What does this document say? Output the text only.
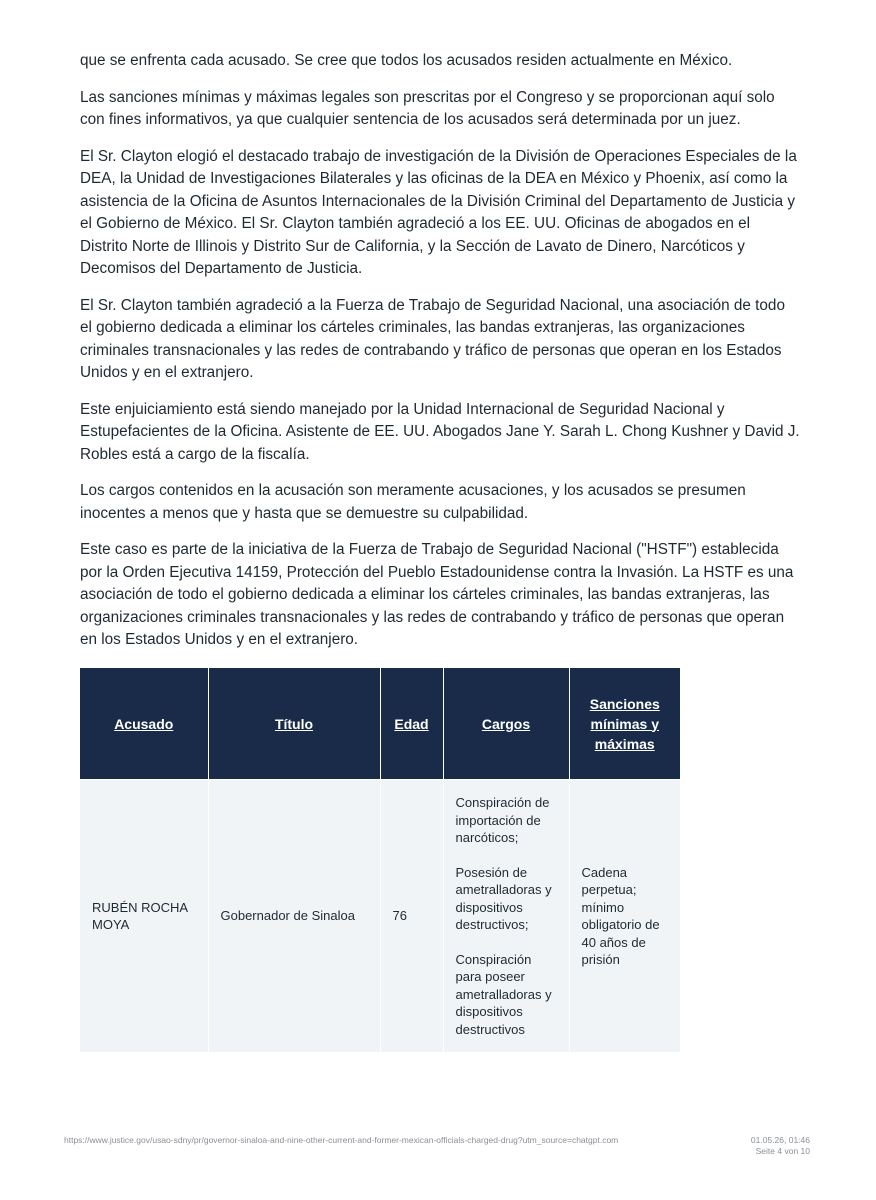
que se enfrenta cada acusado. Se cree que todos los acusados residen actualmente en México.

Las sanciones mínimas y máximas legales son prescritas por el Congreso y se proporcionan aquí solo con fines informativos, ya que cualquier sentencia de los acusados será determinada por un juez.

El Sr. Clayton elogió el destacado trabajo de investigación de la División de Operaciones Especiales de la DEA, la Unidad de Investigaciones Bilaterales y las oficinas de la DEA en México y Phoenix, así como la asistencia de la Oficina de Asuntos Internacionales de la División Criminal del Departamento de Justicia y el Gobierno de México. El Sr. Clayton también agradeció a los EE. UU. Oficinas de abogados en el Distrito Norte de Illinois y Distrito Sur de California, y la Sección de Lavato de Dinero, Narcóticos y Decomisos del Departamento de Justicia.

El Sr. Clayton también agradeció a la Fuerza de Trabajo de Seguridad Nacional, una asociación de todo el gobierno dedicada a eliminar los cárteles criminales, las bandas extranjeras, las organizaciones criminales transnacionales y las redes de contrabando y tráfico de personas que operan en los Estados Unidos y en el extranjero.

Este enjuiciamiento está siendo manejado por la Unidad Internacional de Seguridad Nacional y Estupefacientes de la Oficina. Asistente de EE. UU. Abogados Jane Y. Sarah L. Chong Kushner y David J. Robles está a cargo de la fiscalía.

Los cargos contenidos en la acusación son meramente acusaciones, y los acusados se presumen inocentes a menos que y hasta que se demuestre su culpabilidad.

Este caso es parte de la iniciativa de la Fuerza de Trabajo de Seguridad Nacional ("HSTF") establecida por la Orden Ejecutiva 14159, Protección del Pueblo Estadounidense contra la Invasión. La HSTF es una asociación de todo el gobierno dedicada a eliminar los cárteles criminales, las bandas extranjeras, las organizaciones criminales transnacionales y las redes de contrabando y tráfico de personas que operan en los Estados Unidos y en el extranjero.

Acusado	Título	Edad	Cargos	Sanciones mínimas y máximas
RUBÉN ROCHA MOYA	Gobernador de Sinaloa	76	Conspiración de importación de narcóticos;

Posesión de ametralladoras y dispositivos destructivos;

Conspiración para poseer ametralladoras y dispositivos destructivos	Cadena perpetua; mínimo obligatorio de 40 años de prisión
https://www.justice.gov/usao-sdny/pr/governor-sinaloa-and-nine-other-current-and-former-mexican-officials-charged-drug?utm_source=chatgpt.com	01.05.26, 01:46
Seite 4 von 10
